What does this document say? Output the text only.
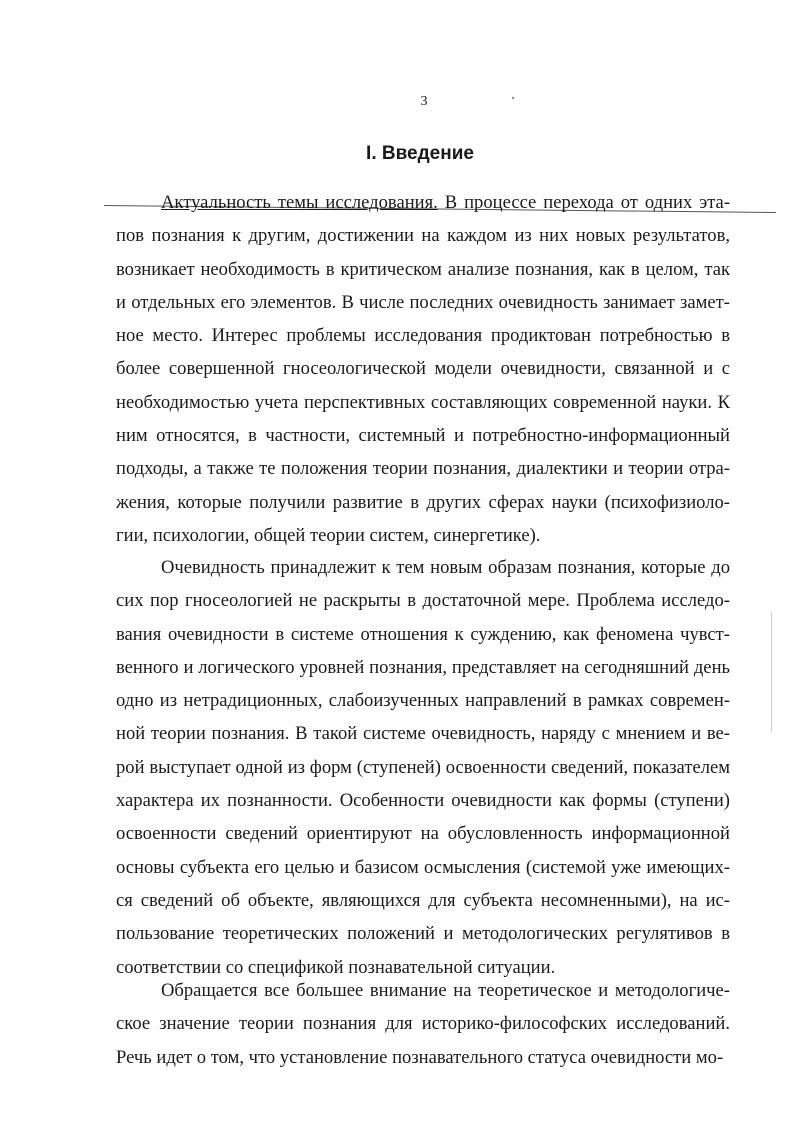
3
I. Введение

Актуальность темы исследования. В процессе перехода от одних этапов познания к другим, достижении на каждом из них новых результатов, возникает необходимость в критическом анализе познания, как в целом, так и отдельных его элементов. В числе последних очевидность занимает заметное место. Интерес проблемы исследования продиктован потребностью в более совершенной гносеологической модели очевидности, связанной и с необходимостью учета перспективных составляющих современной науки. К ним относятся, в частности, системный и потребностно-информационный подходы, а также те положения теории познания, диалектики и теории отражения, которые получили развитие в других сферах науки (психофизиологии, психологии, общей теории систем, синергетике).

Очевидность принадлежит к тем новым образам познания, которые до сих пор гносеологией не раскрыты в достаточной мере. Проблема исследования очевидности в системе отношения к суждению, как феномена чувственного и логического уровней познания, представляет на сегодняшний день одно из нетрадиционных, слабоизученных направлений в рамках современной теории познания. В такой системе очевидность, наряду с мнением и верой выступает одной из форм (ступеней) освоенности сведений, показателем характера их познанности. Особенности очевидности как формы (ступени) освоенности сведений ориентируют на обусловленность информационной основы субъекта его целью и базисом осмысления (системой уже имеющихся сведений об объекте, являющихся для субъекта несомненными), на использование теоретических положений и методологических регулятивов в соответствии со спецификой познавательной ситуации.

Обращается все большее внимание на теоретическое и методологическое значение теории познания для историко-философских исследований. Речь идет о том, что установление познавательного статуса очевидности мо-
